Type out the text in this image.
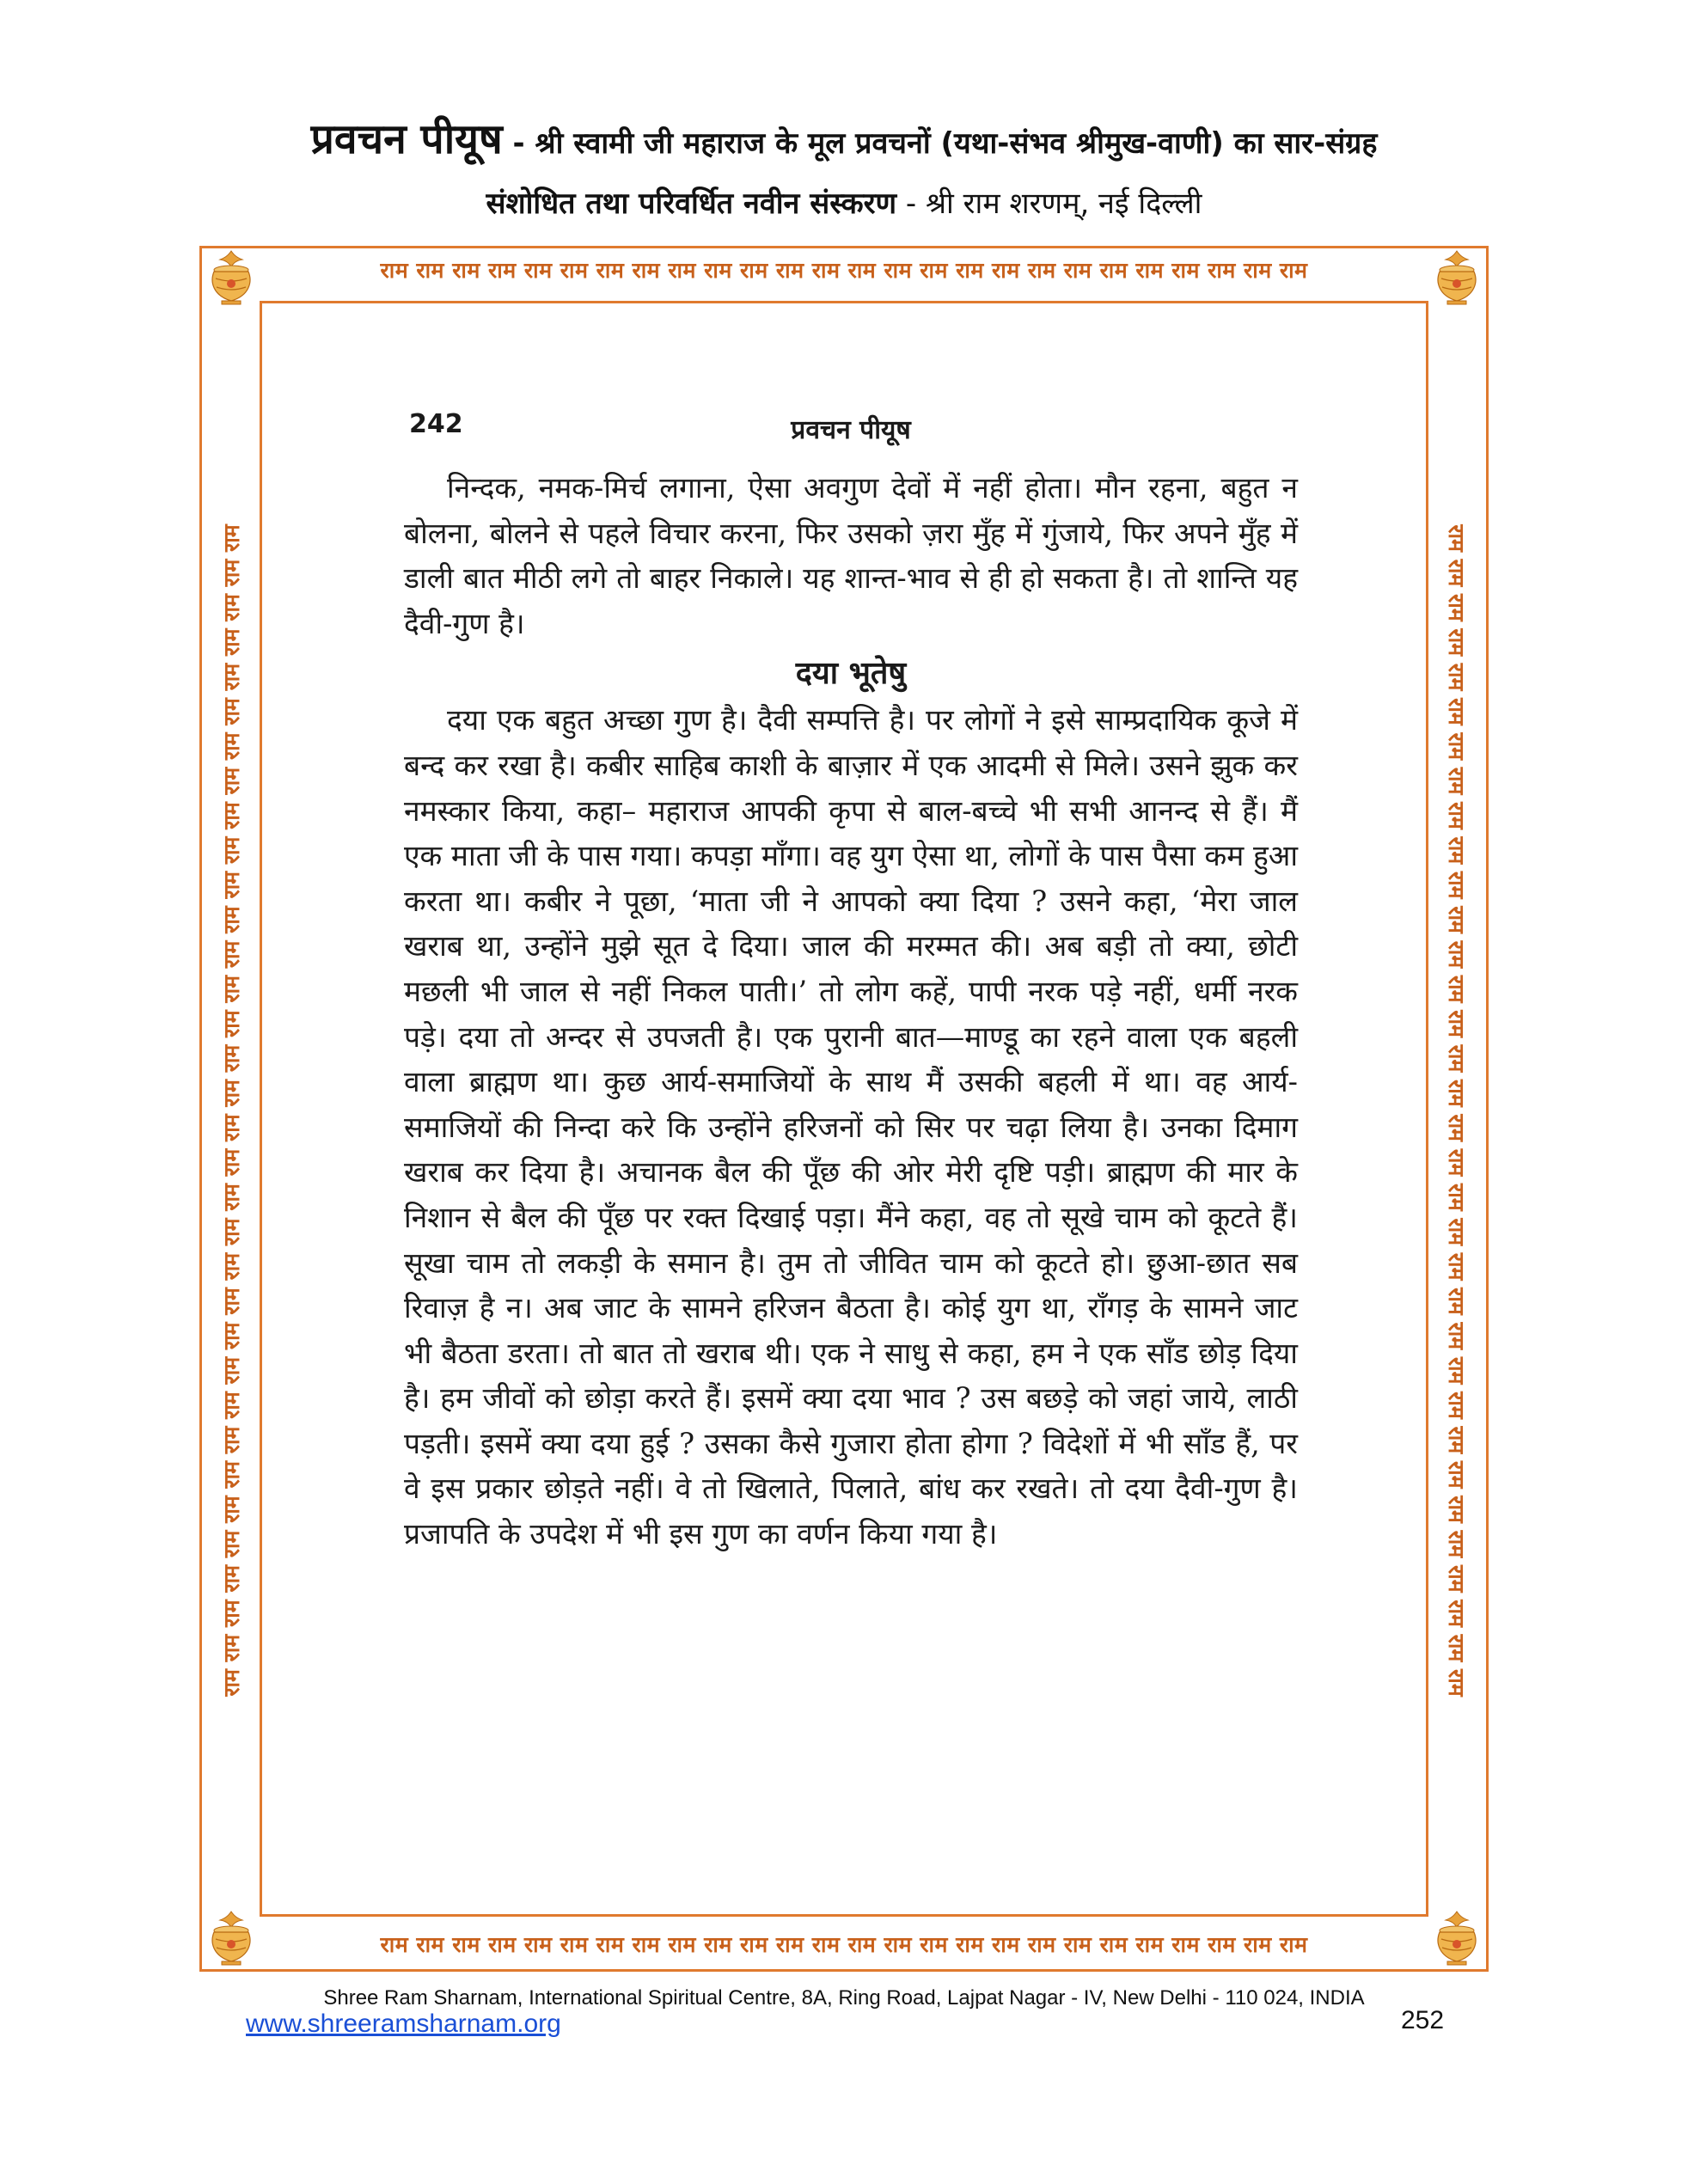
प्रवचन पीयूष - श्री स्वामी जी महाराज के मूल प्रवचनों (यथा-संभव श्रीमुख-वाणी) का सार-संग्रह
संशोधित तथा परिवर्धित नवीन संस्करण - श्री राम शरणम्, नई दिल्ली
राम राम राम राम राम राम राम राम राम राम राम राम राम राम राम राम राम राम राम राम राम राम राम राम राम राम
राम राम राम राम राम राम राम राम राम राम राम राम राम राम राम राम राम राम राम राम राम राम राम राम राम राम
राम राम राम राम राम राम राम राम राम राम राम राम राम राम राम राम राम राम राम राम राम राम राम राम राम राम राम राम राम राम राम राम राम राम	राम राम राम राम राम राम राम राम राम राम राम राम राम राम राम राम राम राम राम राम राम राम राम राम राम राम राम राम राम राम राम राम राम राम
242	प्रवचन पीयूष

निन्दक, नमक-मिर्च लगाना, ऐसा अवगुण देवों में नहीं होता। मौन रहना, बहुत न बोलना, बोलने से पहले विचार करना, फिर उसको ज़रा मुँह में गुंजाये, फिर अपने मुँह में डाली बात मीठी लगे तो बाहर निकाले। यह शान्त-भाव से ही हो सकता है। तो शान्ति यह दैवी-गुण है।

दया भूतेषु

दया एक बहुत अच्छा गुण है। दैवी सम्पत्ति है। पर लोगों ने इसे साम्प्रदायिक कूजे में बन्द कर रखा है। कबीर साहिब काशी के बाज़ार में एक आदमी से मिले। उसने झुक कर नमस्कार किया, कहा– महाराज आपकी कृपा से बाल-बच्चे भी सभी आनन्द से हैं। मैं एक माता जी के पास गया। कपड़ा माँगा। वह युग ऐसा था, लोगों के पास पैसा कम हुआ करता था। कबीर ने पूछा, ‘माता जी ने आपको क्या दिया ? उसने कहा, ‘मेरा जाल खराब था, उन्होंने मुझे सूत दे दिया। जाल की मरम्मत की। अब बड़ी तो क्या, छोटी मछली भी जाल से नहीं निकल पाती।’ तो लोग कहें, पापी नरक पड़े नहीं, धर्मी नरक पड़े। दया तो अन्दर से उपजती है। एक पुरानी बात—माण्डू का रहने वाला एक बहली वाला ब्राह्मण था। कुछ आर्य-समाजियों के साथ मैं उसकी बहली में था। वह आर्य-समाजियों की निन्दा करे कि उन्होंने हरिजनों को सिर पर चढ़ा लिया है। उनका दिमाग खराब कर दिया है। अचानक बैल की पूँछ की ओर मेरी दृष्टि पड़ी। ब्राह्मण की मार के निशान से बैल की पूँछ पर रक्त दिखाई पड़ा। मैंने कहा, वह तो सूखे चाम को कूटते हैं। सूखा चाम तो लकड़ी के समान है। तुम तो जीवित चाम को कूटते हो। छुआ-छात सब रिवाज़ है न। अब जाट के सामने हरिजन बैठता है। कोई युग था, राँगड़ के सामने जाट भी बैठता डरता। तो बात तो खराब थी। एक ने साधु से कहा, हम ने एक साँड छोड़ दिया है। हम जीवों को छोड़ा करते हैं। इसमें क्या दया भाव ? उस बछड़े को जहां जाये, लाठी पड़ती। इसमें क्या दया हुई ? उसका कैसे गुजारा होता होगा ? विदेशों में भी साँड हैं, पर वे इस प्रकार छोड़ते नहीं। वे तो खिलाते, पिलाते, बांध कर रखते। तो दया दैवी-गुण है। प्रजापति के उपदेश में भी इस गुण का वर्णन किया गया है।

Shree Ram Sharnam, International Spiritual Centre, 8A, Ring Road, Lajpat Nagar - IV, New Delhi - 110 024, INDIA
www.shreeramsharnam.org	252
